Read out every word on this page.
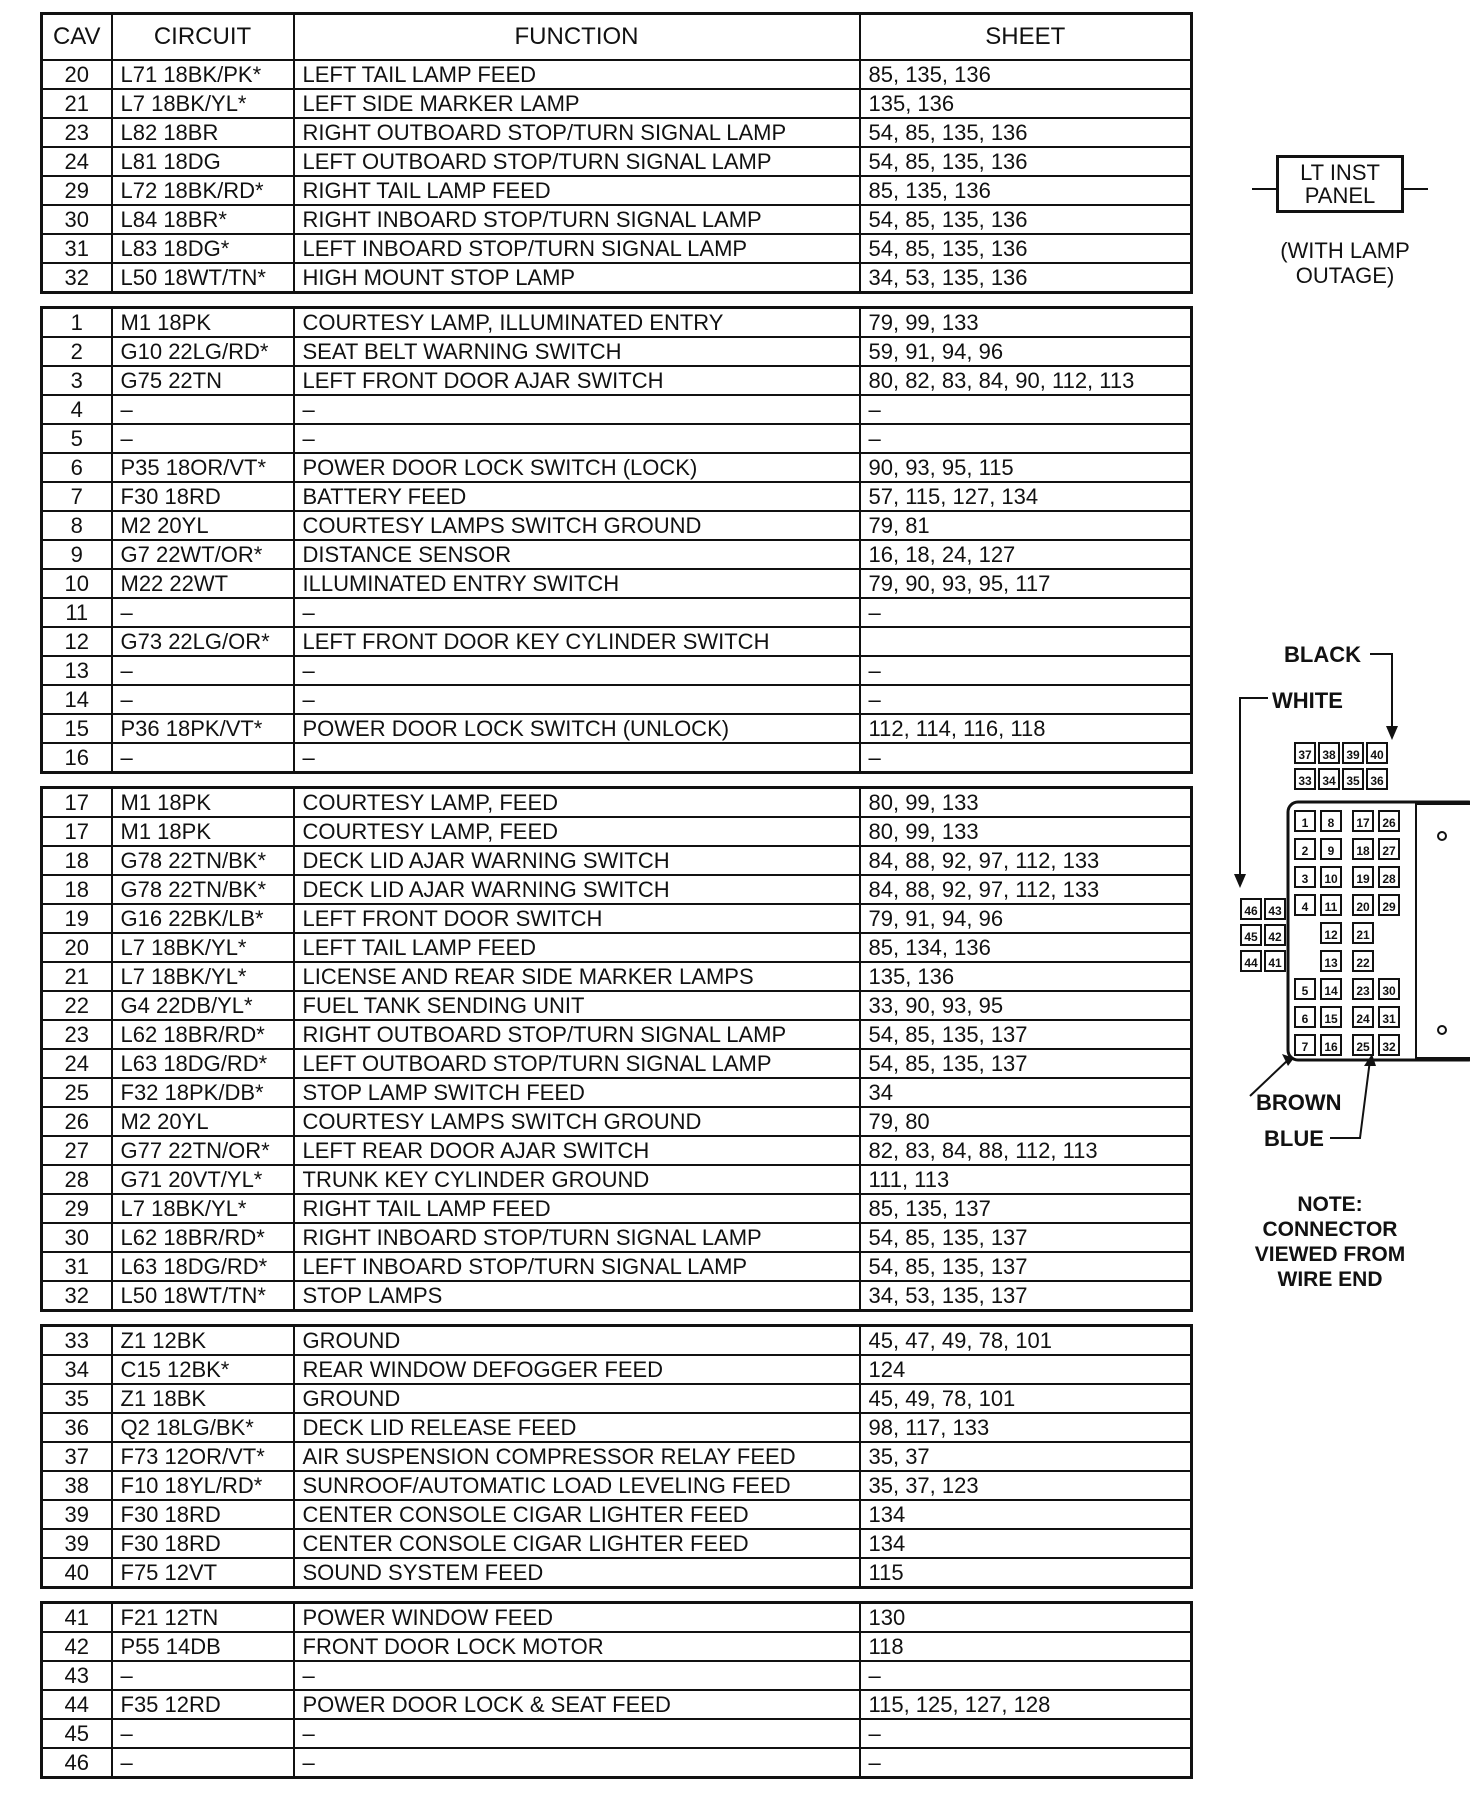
CAV	CIRCUIT	FUNCTION	SHEET
20	L71 18BK/PK*	LEFT TAIL LAMP FEED	85, 135, 136
21	L7 18BK/YL*	LEFT SIDE MARKER LAMP	135, 136
23	L82 18BR	RIGHT OUTBOARD STOP/TURN SIGNAL LAMP	54, 85, 135, 136
24	L81 18DG	LEFT OUTBOARD STOP/TURN SIGNAL LAMP	54, 85, 135, 136
29	L72 18BK/RD*	RIGHT TAIL LAMP FEED	85, 135, 136
30	L84 18BR*	RIGHT INBOARD STOP/TURN SIGNAL LAMP	54, 85, 135, 136
31	L83 18DG*	LEFT INBOARD STOP/TURN SIGNAL LAMP	54, 85, 135, 136
32	L50 18WT/TN*	HIGH MOUNT STOP LAMP	34, 53, 135, 136
1	M1 18PK	COURTESY LAMP, ILLUMINATED ENTRY	79, 99, 133
2	G10 22LG/RD*	SEAT BELT WARNING SWITCH	59, 91, 94, 96
3	G75 22TN	LEFT FRONT DOOR AJAR SWITCH	80, 82, 83, 84, 90, 112, 113
4	–	–	–
5	–	–	–
6	P35 18OR/VT*	POWER DOOR LOCK SWITCH (LOCK)	90, 93, 95, 115
7	F30 18RD	BATTERY FEED	57, 115, 127, 134
8	M2 20YL	COURTESY LAMPS SWITCH GROUND	79, 81
9	G7 22WT/OR*	DISTANCE SENSOR	16, 18, 24, 127
10	M22 22WT	ILLUMINATED ENTRY SWITCH	79, 90, 93, 95, 117
11	–	–	–
12	G73 22LG/OR*	LEFT FRONT DOOR KEY CYLINDER SWITCH	
13	–	–	–
14	–	–	–
15	P36 18PK/VT*	POWER DOOR LOCK SWITCH (UNLOCK)	112, 114, 116, 118
16	–	–	–
17	M1 18PK	COURTESY LAMP, FEED	80, 99, 133
17	M1 18PK	COURTESY LAMP, FEED	80, 99, 133
18	G78 22TN/BK*	DECK LID AJAR WARNING SWITCH	84, 88, 92, 97, 112, 133
18	G78 22TN/BK*	DECK LID AJAR WARNING SWITCH	84, 88, 92, 97, 112, 133
19	G16 22BK/LB*	LEFT FRONT DOOR SWITCH	79, 91, 94, 96
20	L7 18BK/YL*	LEFT TAIL LAMP FEED	85, 134, 136
21	L7 18BK/YL*	LICENSE AND REAR SIDE MARKER LAMPS	135, 136
22	G4 22DB/YL*	FUEL TANK SENDING UNIT	33, 90, 93, 95
23	L62 18BR/RD*	RIGHT OUTBOARD STOP/TURN SIGNAL LAMP	54, 85, 135, 137
24	L63 18DG/RD*	LEFT OUTBOARD STOP/TURN SIGNAL LAMP	54, 85, 135, 137
25	F32 18PK/DB*	STOP LAMP SWITCH FEED	34
26	M2 20YL	COURTESY LAMPS SWITCH GROUND	79, 80
27	G77 22TN/OR*	LEFT REAR DOOR AJAR SWITCH	82, 83, 84, 88, 112, 113
28	G71 20VT/YL*	TRUNK KEY CYLINDER GROUND	111, 113
29	L7 18BK/YL*	RIGHT TAIL LAMP FEED	85, 135, 137
30	L62 18BR/RD*	RIGHT INBOARD STOP/TURN SIGNAL LAMP	54, 85, 135, 137
31	L63 18DG/RD*	LEFT INBOARD STOP/TURN SIGNAL LAMP	54, 85, 135, 137
32	L50 18WT/TN*	STOP LAMPS	34, 53, 135, 137
33	Z1 12BK	GROUND	45, 47, 49, 78, 101
34	C15 12BK*	REAR WINDOW DEFOGGER FEED	124
35	Z1 18BK	GROUND	45, 49, 78, 101
36	Q2 18LG/BK*	DECK LID RELEASE FEED	98, 117, 133
37	F73 12OR/VT*	AIR SUSPENSION COMPRESSOR RELAY FEED	35, 37
38	F10 18YL/RD*	SUNROOF/AUTOMATIC LOAD LEVELING FEED	35, 37, 123
39	F30 18RD	CENTER CONSOLE CIGAR LIGHTER FEED	134
39	F30 18RD	CENTER CONSOLE CIGAR LIGHTER FEED	134
40	F75 12VT	SOUND SYSTEM FEED	115
41	F21 12TN	POWER WINDOW FEED	130
42	P55 14DB	FRONT DOOR LOCK MOTOR	118
43	–	–	–
44	F35 12RD	POWER DOOR LOCK & SEAT FEED	115, 125, 127, 128
45	–	–	–
46	–	–	–
LT INST PANEL
(WITH LAMP OUTAGE)
BLACK
WHITE
BROWN
BLUE
37 38 39 40
33 34 35 36
46 43
45 42
44 41
1	8
2	9
3	10
4	11
12
13
5	14
6	15
7	16
17	26
18	27
19	28
20	29
21
22
23	30
24	31
25	32
NOTE: CONNECTOR VIEWED FROM WIRE END
